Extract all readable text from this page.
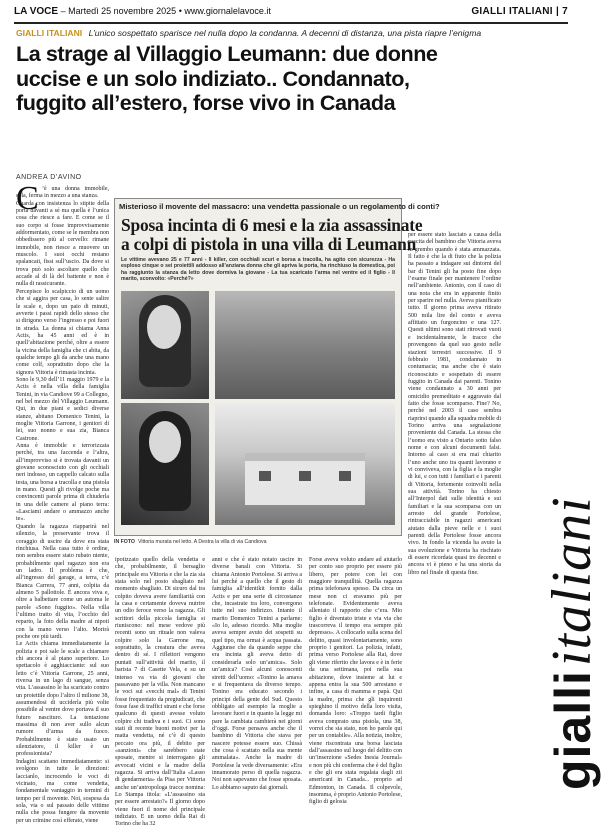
LA VOCE – Martedì 25 novembre 2025 • www.giornalelavoce.it	GIALLI ITALIANI | 7
GIALLI ITALIANI L’unico sospettato sparisce nel nulla dopo la condanna. A decenni di distanza, una pista riapre l’enigma
La strage al Villaggio Leumann: due donne
uccise e un solo indiziato.. Condannato,
fuggito all’estero, forse vivo in Canada
ANDREA D’AVINO
C ’è una donna immobile, sola, ferma in mezzo a una stanza.

Guarda con insistenza lo stipite della porta davanti a sé ma quella è l’unica cosa che riesce a fare. E come se il suo corpo si fosse improvvisamente addormentato, come se le membra non obbedissero più al cervello: rimane immobile, non riesce a muovere un muscolo. I suoi occhi restano spalancati, fissi sull’uscio. Da dove si trova può solo ascoltare quello che accade al di là del battente e non è nulla di rassicurante.

Percepisce lo scalpiccio di un uomo che si aggira per casa, lo sente salire le scale e, dopo un paio di minuti, avverte i passi rapidi dello stesso che si dirigono verso l’ingresso e poi fuori in strada. La donna si chiama Anna Actis, ha 45 anni ed è in quell’abitazione perché, oltre a essere la vicina della famiglia che ci abita, da qualche tempo gli da anche una mano come colf, soprattutto dopo che la signora Vittoria è rimasta incinta.

Sono le 9,30 dell’11 maggio 1979 e la Actis è nella villa della famiglia Tenini, in via Candiove 99 a Collegno, nel bel mezzo del Villaggio Leumann. Qui, in due piani e sedici diverse stanze, abitano Domenico Tenini, la moglie Vittoria Garrone, i genitori di lei, suo nonno e sua zia, Bianca Castrone.

Anna è immobile e terrorizzata perché, tra una faccenda e l’altra, all’improvviso si è trovata davanti un giovane sconosciuto con gli occhiali neri indosso, un cappello calcato sulla testa, una borsa a tracolla e una pistola in mano. Questi gli rivolge poche ma convincenti parole prima di chiuderla in una delle camere al piano terra: «Lasciami andare o ammazzo anche te».

Quando la ragazza riapparirà nel silenzio, la preservante trova il coraggio di uscire da dove era stata rinchiusa. Nella casa tutto è ordine, non sembra essere stato rubato niente, probabilmente quel ragazzo non era un ladro. Il problema è che, all’ingresso del garage, a terra, c’è Bianca Carrera, 77 anni, colpita da almeno 5 pallottole. È ancora viva e, oltre a balbettare come un automa le parole «Sono fuggito». Nella villa l’ultimo tratto di vita, l’occhio del reparto, la foto della madre ai nipoti con la mano verso l’alto. Morirà poche ore più tardi.

Le Actis chiama immediatamente la polizia e poi sale le scale a chiamare chi ancora è al piano superiore. Lo spettacolo è agghiacciante: sul suo letto c’è Vittoria Garrone, 25 anni, riversa in un lago di sangue, senza vita. L’assassino le ha scaricato contro un proiettile dopo l’altro il milione 38, assumendosi di ucciderla più volte possibile al ventre dove portava il suo futuro nascituro. La tentazione massima di non aver sullo alcun rumore d’arma da fuoco. Probabilmente è stato usato un silenziatore, il killer è un professionista?

Indagini scattano immediatamente: si svolgono in tutte le direzioni: laccianlo, incrocendo le voci di vicinato, ma come vendetta, fondamentale vantaggio in termini di tempo per il movente. Noi, sospesa da sola, via o sul passato delle vittime nulla che possa fungere da movente per un crimine così efferato, viene

Misterioso il movente del massacro: una vendetta passionale o un regolamento di conti?
Sposa incinta di 6 mesi e la zia assassinate
a colpi di pistola in una villa di Leumann
Le vittime avevano 25 e 77 anni - Il killer, con occhiali scuri e borsa a tracolla, ha agito con sicurezza - Ha esploso cinque o sei proiettili addosso all’anziana donna che gli apriva la porta, ha rinchiuso la domestica, poi ha raggiunto la stanza da letto dove dormiva la giovane - La tua scaricato l’arma nel ventre ed il figlio - Il marito, sconvolto: «Perché?»
IN FOTO Vittoria murata nel letto. A Destra la villa di via Candiova

ipotizzato quello della vendetta e che, probabilmente, il bersaglio principale era Vittoria e che la zia sia stata solo nel posto sbagliato nel momento sbagliato. Di sicuro dal tra colpito dovevа avere familiarità con la casa e certamente doveva nutrire un odio feroce verso la ragazza. Gli scrittori della piccola famiglia si riuniscono: nel mese vedove più recenti sono un rituale non valeva colpire solo la Garrone ma, soprattutto, la creatura che aveva dentro di sé. I riflettori vengono puntati sull’attività del marito, il barista 7 di Casette Vela, e su un intenso va via di giovani che passavano per la villa. Non mancano le voci sui «vecchi mal» di Tenini fosse frequentato da pregiudicati, che fosse fase di traffici strani e che forse qualcuno di questi avesse voluto colpire chi tradiva e i suoi. Ci sono stati di recente buoni motivi per la matta vendetta, né c’è di questo peccato ora più, il debito per «sanzioni» che sarebbero state sposate, mentre si interrogano gli avvocati vicini e la madre della ragazza. Si arriva dall’Italia «Lasso di gendarmeria» da Pisa per Vittoria anche un’antropologa tracce nomina: Lo Stampa titola: «L’assassino sta per essere arrestato?» Il giorno dopo viene fuori il nome del principale indiziato. E un uomo della Rai di Torino che ha 32

anni e che è stato notato uscire in diverse banali con Vittoria. Si chiama Antonio Portolese. Si arriva a lui perché a quello che il gesto di famiglia all’identikit fornito dalla Actis e per una serie di circostanze che, incastrate tra loro, convergono tutte nel suo indirizzo. Intanto il marito Domenico Tenini a parlarne: «Io lo, adesso ricordo. Mia moglie aveva sempre avuto dei sospetti su quel tipo, ma ormai è acqua passata. Aggiunse che da quando seppe che era incinta gli aveva detto di considerarla solo un’amica». Solo un’amica? Così alcuni conoscenti stretti dell’uomo: «Tonino la amava e si frequentava da diverso tempo. Tonino era educato secondo i principi della gente del Sud. Questo obbligato ad esempio la moglie a lavorare fuori e in quanto la legge mi pare la cambiata cambierà nei giorni d’oggi. Forse pensava anche che il bambino di Vittoria che stava per nascere potesse essere suo. Chissà che cosa è scattato nella sua mente ammalata». Anche la madre di Portolese la vede diversamente: «Era innamorato perso di quella ragazza. Noi non sapevamo che fosse sposata. Lo abbiamo saputo dai giornali.

Forse aveva voluto andare ad aiutarlo per conto suo proprio per essere più libero, per potere con lei con maggiore tranquillità. Quella ragazza prima telefonava spesso. Da circa un mese non ci eravamo più per telefonate. Evidentemente aveva allentato il rapporto che c’era. Mio figlio è diventato triste e via via che trascorreva il tempo era sempre più depresso». A collocarlo sulla scena del delitto, quasi involontariamente, sono proprio i genitori. La polizia, infatti, prima verso Portolese alla Rai, dove gli viene riferito che lavora e è in ferie da una settimana, poi nella sua abitazione, dove insieme ai lui e appena entra la sua 500 arrestano e infine, a casa di mamma e papà. Qui la madre, prima che gli inquirenti spieghino il motivo della loro visita, domanda loro: «Troppo tardi figlio aveva comprato una pistola, una 38, vorrei che sia stato, non ho parole qui per un contabile». Alla notizia, inoltre, viene riscontrata una borsa lasciata dall’assassino sul luogo del delitto con un’inserzione «Sedes Inesia Journal» e non più chi conferma che è del figlio e che gli era stata regalata dagli zii americani in Canada... proprio ad Edmonton, in Canada. Il colpevole, insomma, è proprio Antonio Portolese, figlio di gelosia

per essere stato lasciato a causa della nascita del bambino che Vittoria aveva in grembo quando è stata ammazzata. Il fatto è che la di fiuto che la polizia ha passato a indagare sui dintorni del bar di Tenini gli ha posto fine dopo l’esame finale per mantenere l’ordine nell’ambiente. Antonio, con il caso di una nota che era in apparente finito per sparire nel nulla. Aveva pianificato tutto. Il giorno prima aveva ritirato 500 mila lire del conto e aveva affittato un furgoncino e una 127. Questi ultimi sono stati ritrovati vuoti e incidentalmente, le tracce che provengono da quel suo gesto nelle stazioni terrestri successive. Il 9 febbraio 1981, condannato in contumacia; ma anche che è stato riconosciuto e sospettato di essere fuggito in Canada dai parenti. Tonino viene condannato a 30 anni per omicidio premeditato e aggravato dal fatto che fosse scomparso. Fine? No, perché nel 2003 il caso sembra riaprirsi quando alla squadra mobile di Torino arriva una segnalazione proveniente dal Canada. La stessa che l’uomo era visto a Ontario sotto falso nome e con alcuni documenti falsi. Intorno al caso si era mai chiarito l’uno anche uno tra quanti lavorano e vi conviveva, con la figlia e la moglie di lui, e con tutti i familiari e i parenti di Vittoria, fortemente coinvolti nella sua attività. Torino ha chiesto all’Interpol dati sulle identità e sui familiari e la sua scomparsa con un arresto del grande Portolese, rintracciabile in ragazzi americani aiutato dalla pieve nelle e i suoi parenti della Portolese fosse ancora vivo. In fondo la vicenda ha avuto la sua evoluzione e Vittoria ha rischiato di essere ricordata quasi tre decenni e ancora vi è pieno e ha una storia da libro nel finale di questa fine.

gialli italiani
